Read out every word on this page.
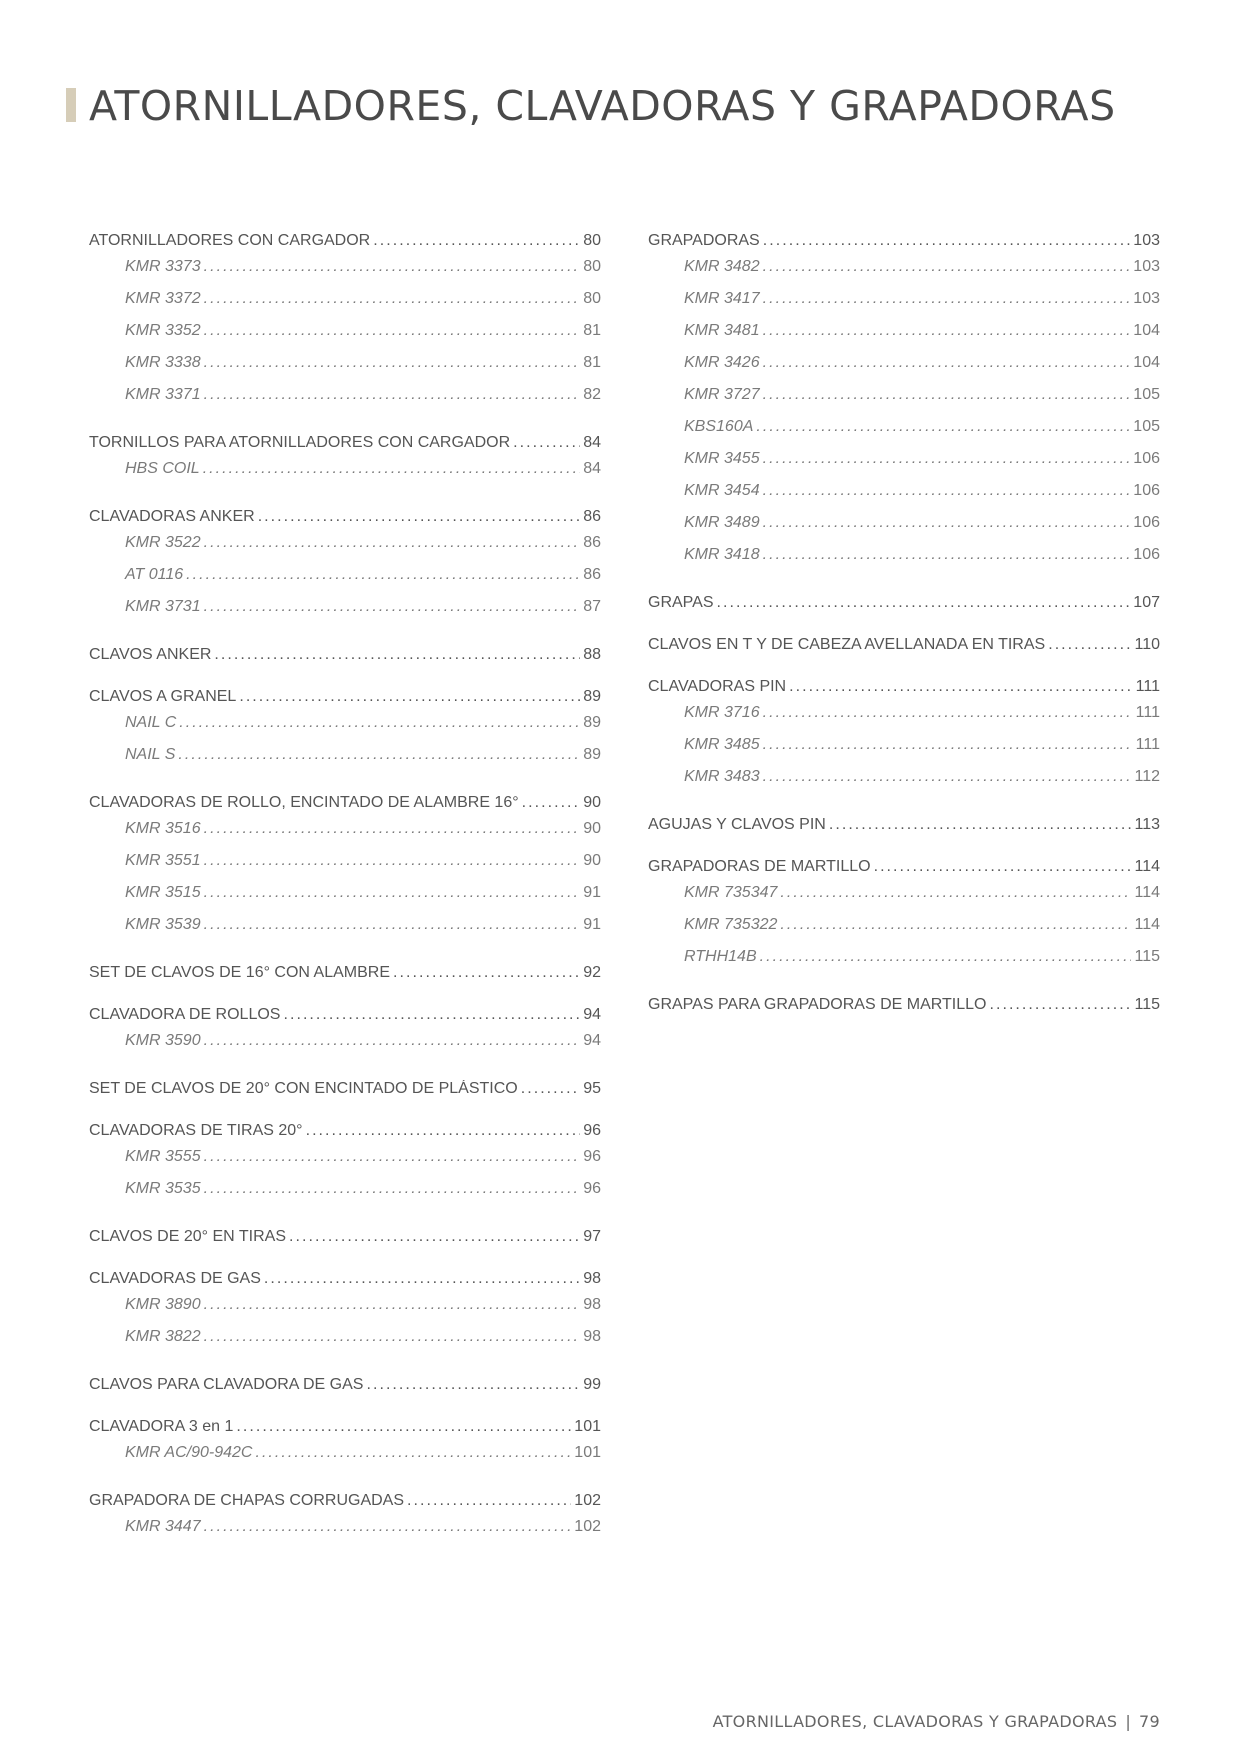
ATORNILLADORES, CLAVADORAS Y GRAPADORAS
ATORNILLADORES CON CARGADOR . . .	80
KMR 3373 . . .	80
KMR 3372 . . .	80
KMR 3352 . . .	81
KMR 3338 . . .	81
KMR 3371 . . .	82
TORNILLOS PARA ATORNILLADORES CON CARGADOR . . .	84
HBS COIL . . .	84
CLAVADORAS ANKER . . .	86
KMR 3522 . . .	86
AT 0116 . . .	86
KMR 3731 . . .	87
CLAVOS ANKER . . .	88
CLAVOS A GRANEL . . .	89
NAIL C . . .	89
NAIL S . . .	89
CLAVADORAS DE ROLLO, ENCINTADO DE ALAMBRE 16° . . .	90
KMR 3516 . . .	90
KMR 3551 . . .	90
KMR 3515 . . .	91
KMR 3539 . . .	91
SET DE CLAVOS DE 16° CON ALAMBRE . . .	92
CLAVADORA DE ROLLOS . . .	94
KMR 3590 . . .	94
SET DE CLAVOS DE 20° CON ENCINTADO DE PLÁSTICO . . .	95
CLAVADORAS DE TIRAS 20° . . .	96
KMR 3555 . . .	96
KMR 3535 . . .	96
CLAVOS DE 20° EN TIRAS . . .	97
CLAVADORAS DE GAS . . .	98
KMR 3890 . . .	98
KMR 3822 . . .	98
CLAVOS PARA CLAVADORA DE GAS . . .	99
CLAVADORA 3 en 1 . . .	101
KMR AC/90-942C . . .	101
GRAPADORA DE CHAPAS CORRUGADAS . . .	102
KMR 3447 . . .	102
GRAPADORAS . . .	103
KMR 3482 . . .	103
KMR 3417 . . .	103
KMR 3481 . . .	104
KMR 3426 . . .	104
KMR 3727 . . .	105
KBS160A . . .	105
KMR 3455 . . .	106
KMR 3454 . . .	106
KMR 3489 . . .	106
KMR 3418 . . .	106
GRAPAS . . .	107
CLAVOS EN T Y DE CABEZA AVELLANADA EN TIRAS . . .	110
CLAVADORAS PIN . . .	111
KMR 3716 . . .	111
KMR 3485 . . .	111
KMR 3483 . . .	112
AGUJAS Y CLAVOS PIN . . .	113
GRAPADORAS DE MARTILLO . . .	114
KMR 735347 . . .	114
KMR 735322 . . .	114
RTHH14B . . .	115
GRAPAS PARA GRAPADORAS DE MARTILLO . . .	115
ATORNILLADORES, CLAVADORAS Y GRAPADORAS | 79
